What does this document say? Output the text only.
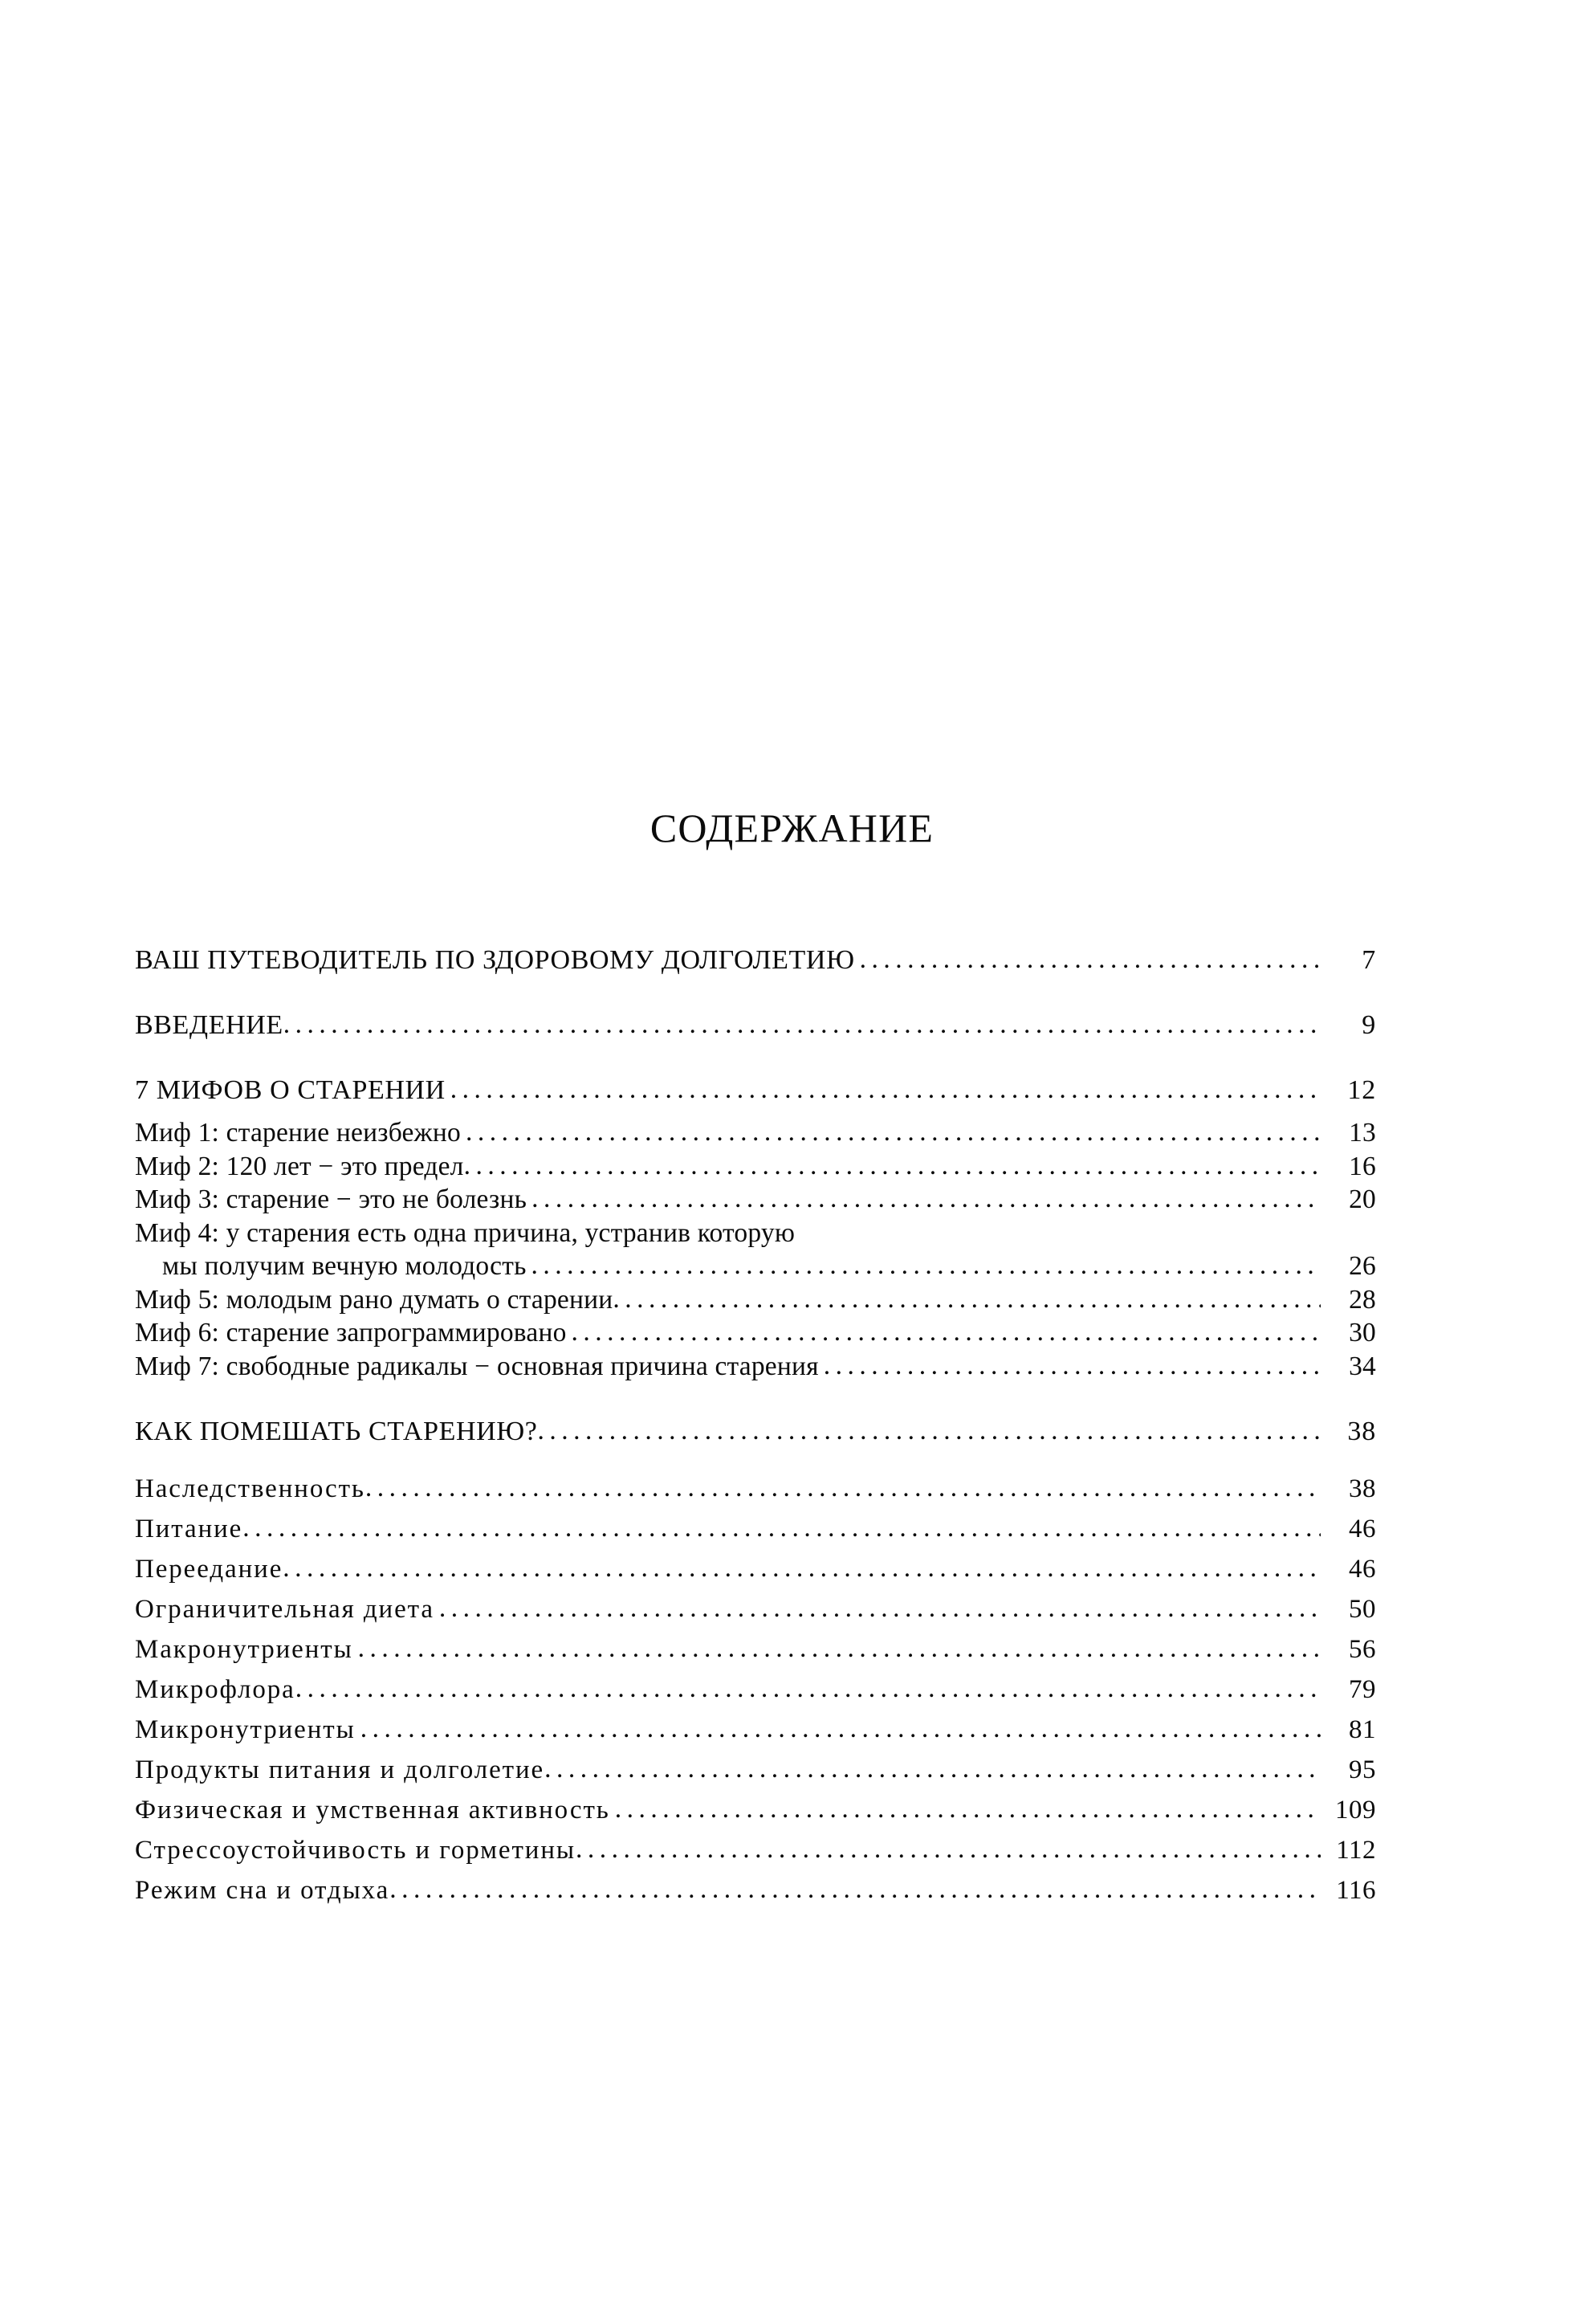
СОДЕРЖАНИЕ
ВАШ ПУТЕВОДИТЕЛЬ ПО ЗДОРОВОМУ ДОЛГОЛЕТИЮ .....	7
ВВЕДЕНИЕ .....	9
7 МИФОВ О СТАРЕНИИ .....	12
Миф 1: старение неизбежно .....	13
Миф 2: 120 лет − это предел .....	16
Миф 3: старение − это не болезнь .....	20
Миф 4: у старения есть одна причина, устранив которую
мы получим вечную молодость .....	26
Миф 5: молодым рано думать о старении .....	28
Миф 6: старение запрограммировано .....	30
Миф 7: свободные радикалы − основная причина старения .....	34
КАК ПОМЕШАТЬ СТАРЕНИЮ? .....	38
Наследственность .....	38
Питание .....	46
Переедание .....	46
Ограничительная диета .....	50
Макронутриенты .....	56
Микрофлора .....	79
Микронутриенты .....	81
Продукты питания и долголетие .....	95
Физическая и умственная активность .....	109
Стрессоустойчивость и горметины .....	112
Режим сна и отдыха .....	116
